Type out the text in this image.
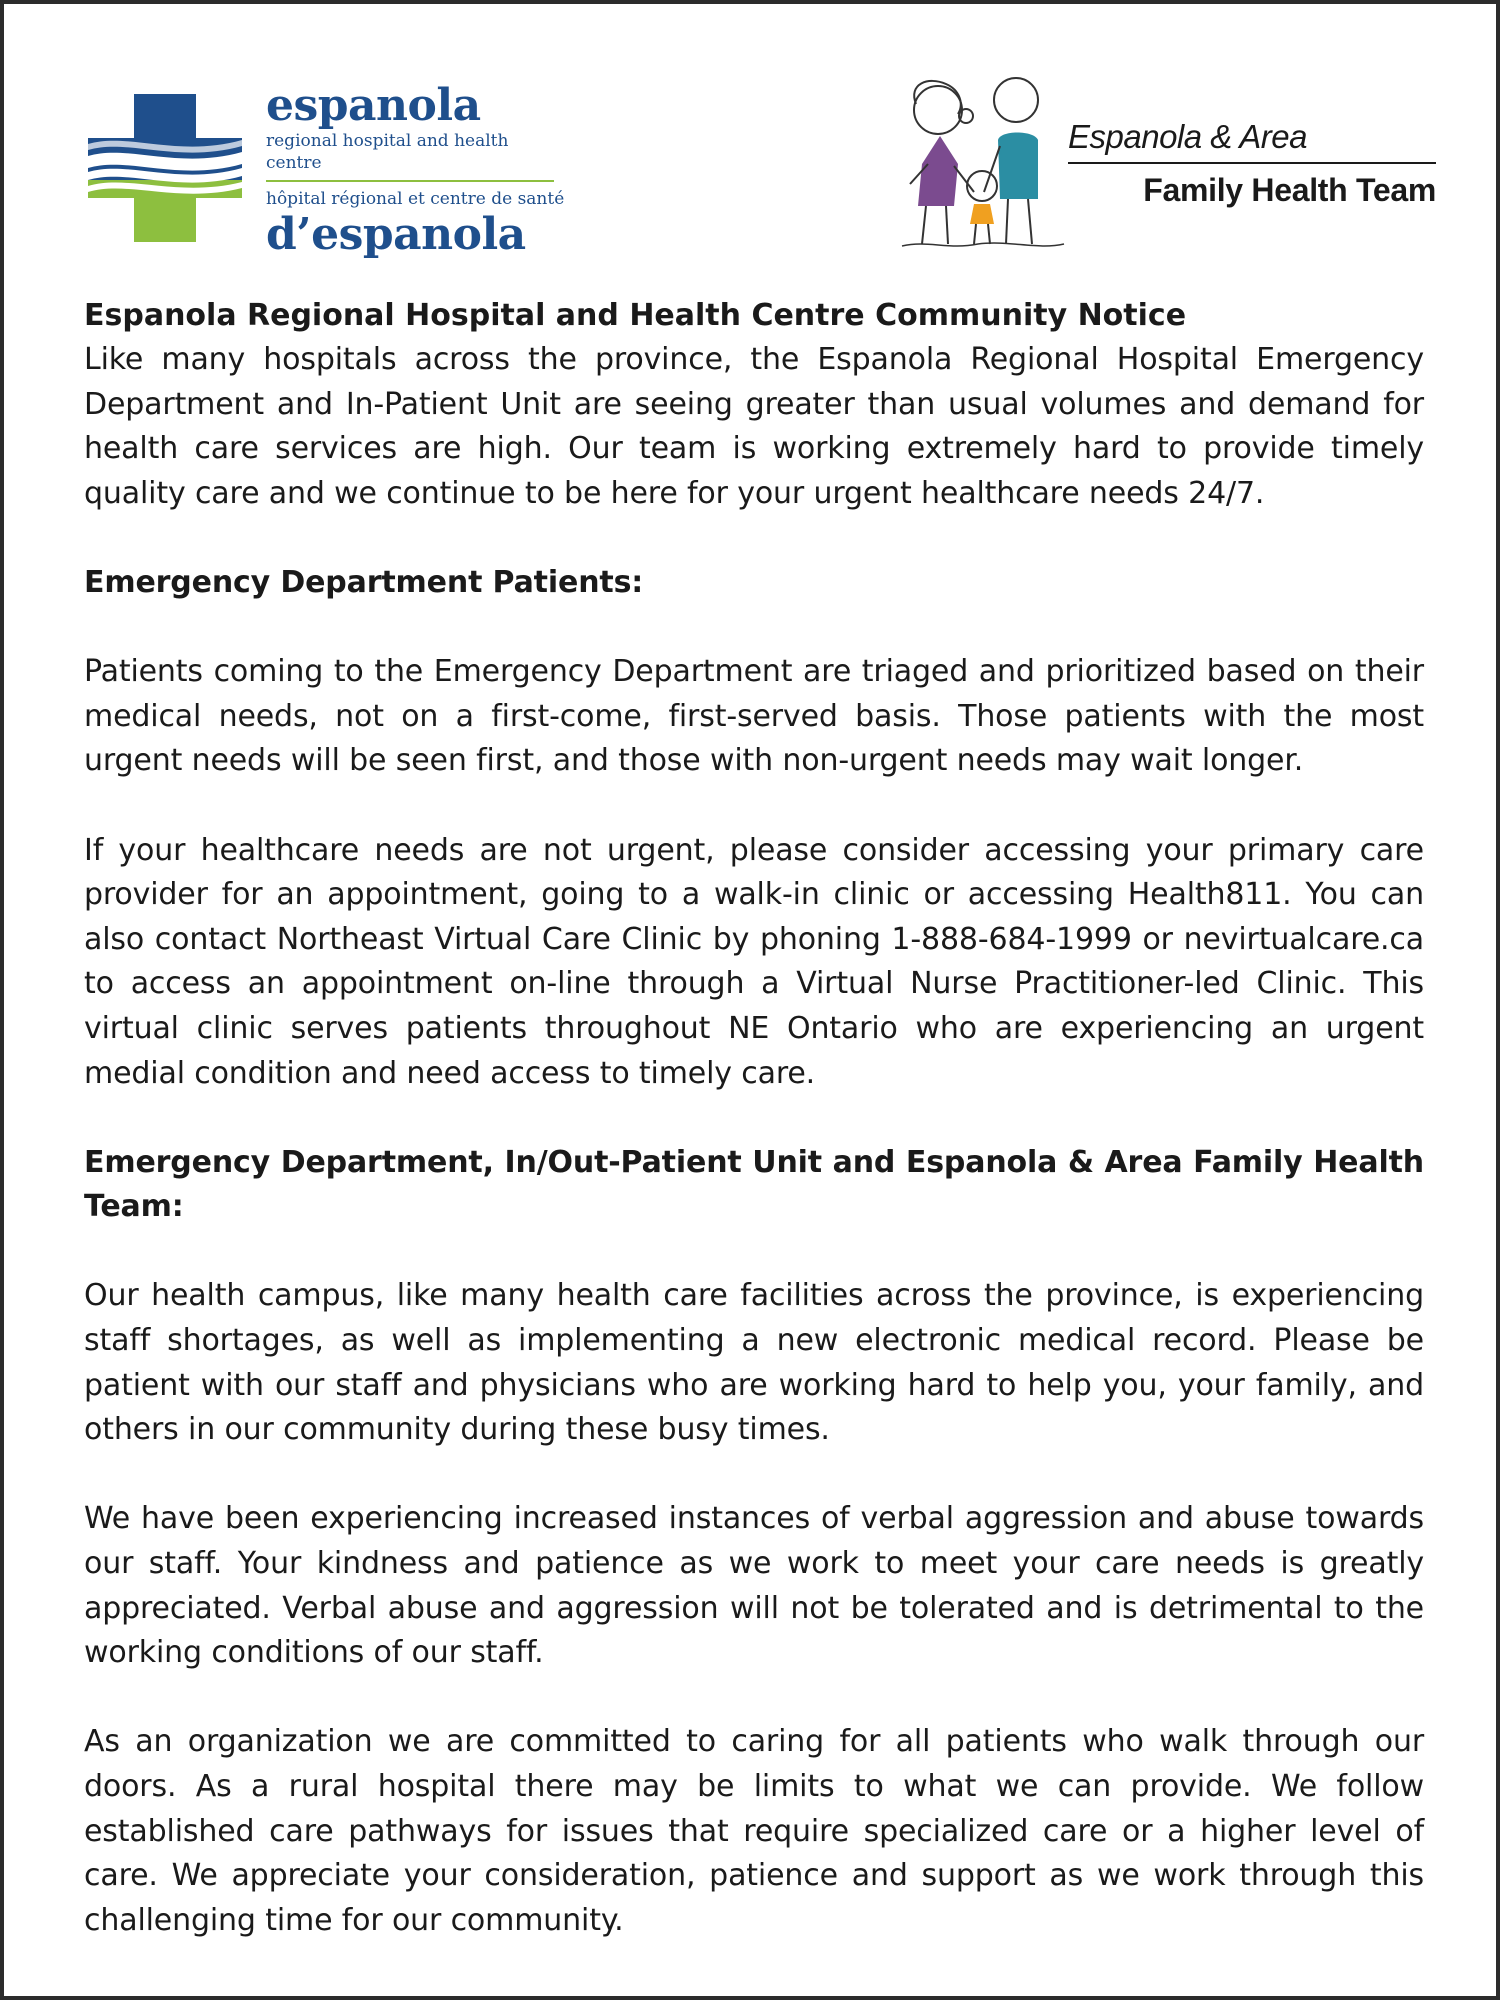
espanola
regional hospital and health centre
hôpital régional et centre de santé
d’espanola
Espanola & Area
Family Health Team

Espanola Regional Hospital and Health Centre Community Notice

Like many hospitals across the province, the Espanola Regional Hospital Emergency Department and In-Patient Unit are seeing greater than usual volumes and demand for health care services are high. Our team is working extremely hard to provide timely quality care and we continue to be here for your urgent healthcare needs 24/7.

Emergency Department Patients:

Patients coming to the Emergency Department are triaged and prioritized based on their medical needs, not on a first-come, first-served basis. Those patients with the most urgent needs will be seen first, and those with non-urgent needs may wait longer.

If your healthcare needs are not urgent, please consider accessing your primary care provider for an appointment, going to a walk-in clinic or accessing Health811. You can also contact Northeast Virtual Care Clinic by phoning 1-888-684-1999 or nevirtualcare.ca to access an appointment on-line through a Virtual Nurse Practitioner-led Clinic. This virtual clinic serves patients throughout NE Ontario who are experiencing an urgent medial condition and need access to timely care.

Emergency Department, In/Out-Patient Unit and Espanola & Area Family Health Team:

Our health campus, like many health care facilities across the province, is experiencing staff shortages, as well as implementing a new electronic medical record. Please be patient with our staff and physicians who are working hard to help you, your family, and others in our community during these busy times.

We have been experiencing increased instances of verbal aggression and abuse towards our staff. Your kindness and patience as we work to meet your care needs is greatly appreciated. Verbal abuse and aggression will not be tolerated and is detrimental to the working conditions of our staff.

As an organization we are committed to caring for all patients who walk through our doors. As a rural hospital there may be limits to what we can provide. We follow established care pathways for issues that require specialized care or a higher level of care. We appreciate your consideration, patience and support as we work through this challenging time for our community.
